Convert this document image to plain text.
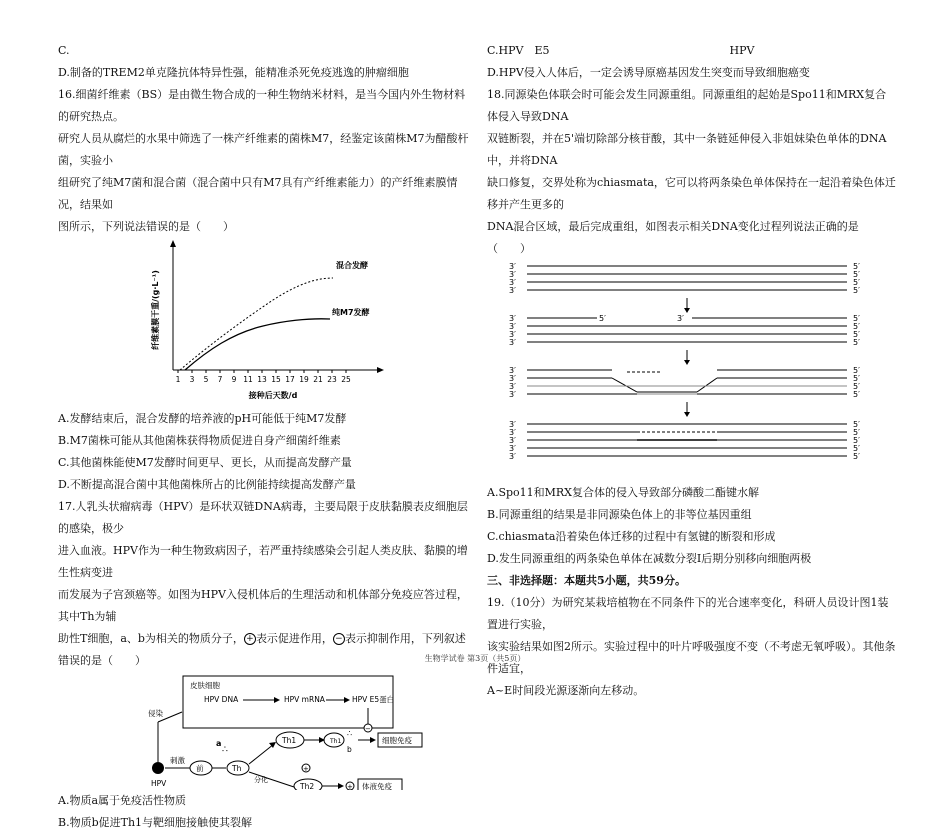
C.

D.制备的TREM2单克隆抗体特异性强，能精准杀死免疫逃逸的肿瘤细胞

16.细菌纤维素（BS）是由微生物合成的一种生物纳米材料，是当今国内外生物材料的研究热点。

研究人员从腐烂的水果中筛选了一株产纤维素的菌株M7，经鉴定该菌株M7为醋酸杆菌，实验小

组研究了纯M7菌和混合菌（混合菌中只有M7具有产纤维素能力）的产纤维素膜情况，结果如

图所示，下列说法错误的是（　　）

纤维素膜干重/(g·L⁻¹)
1 3 5 7 9 11 13 15 17 19 21 23 25
接种后天数/d
混合发酵
纯M7发酵

A.发酵结束后，混合发酵的培养液的pH可能低于纯M7发酵

B.M7菌株可能从其他菌株获得物质促进自身产细菌纤维素

C.其他菌株能使M7发酵时间更早、更长，从而提高发酵产量

D.不断提高混合菌中其他菌株所占的比例能持续提高发酵产量

17.人乳头状瘤病毒（HPV）是环状双链DNA病毒，主要局限于皮肤黏膜表皮细胞层的感染，极少

进入血液。HPV作为一种生物致病因子，若严重持续感染会引起人类皮肤、黏膜的增生性病变进

而发展为子宫颈癌等。如图为HPV入侵机体后的生理活动和机体部分免疫应答过程，其中Th为辅

助性T细胞，a、b为相关的物质分子， + 表示促进作用， − 表示抑制作用，下列叙述错误的是（　　）

皮肤细胞
HPV DNA	HPV mRNA	HPV E5蛋白
侵染
HPV
刺激
前	Th
a
∴
分化
Th1	Th1
∴
b
细胞免疫
−
+
Th2	+ 体液免疫

A.物质a属于免疫活性物质

B.物质b促进Th1与靶细胞接触使其裂解

C.HPV　E5	HPV

D.HPV侵入人体后，一定会诱导原癌基因发生突变而导致细胞癌变

18.同源染色体联会时可能会发生同源重组。同源重组的起始是Spo11和MRX复合体侵入导致DNA

双链断裂，并在5'端切除部分核苷酸，其中一条链延伸侵入非姐妹染色单体的DNA中，并将DNA

缺口修复，交界处称为chiasmata，它可以将两条染色单体保持在一起沿着染色体迁移并产生更多的

DNA混合区域，最后完成重组，如图表示相关DNA变化过程列说法正确的是（　　）

3′	5′
3′	5′
3′	5′
3′	5′
3′	5′
5′	3′
3′	5′
3′	5′
3′	5′
3′	5′
3′	5′
3′	5′
3′	5′
3′	5′
3′	5′
3′	5′
3′	5′
3′	5′

A.Spo11和MRX复合体的侵入导致部分磷酸二酯键水解

B.同源重组的结果是非同源染色体上的非等位基因重组

C.chiasmata沿着染色体迁移的过程中有氢键的断裂和形成

D.发生同源重组的两条染色单体在减数分裂I后期分别移向细胞两极

三、非选择题：本题共5小题，共59分。

19.（10分）为研究某栽培植物在不同条件下的光合速率变化，科研人员设计图1装置进行实验，

该实验结果如图2所示。实验过程中的叶片呼吸强度不变（不考虑无氧呼吸）。其他条件适宜，

A~E时间段光源逐渐向左移动。

生物学试卷 第3页（共5页）
